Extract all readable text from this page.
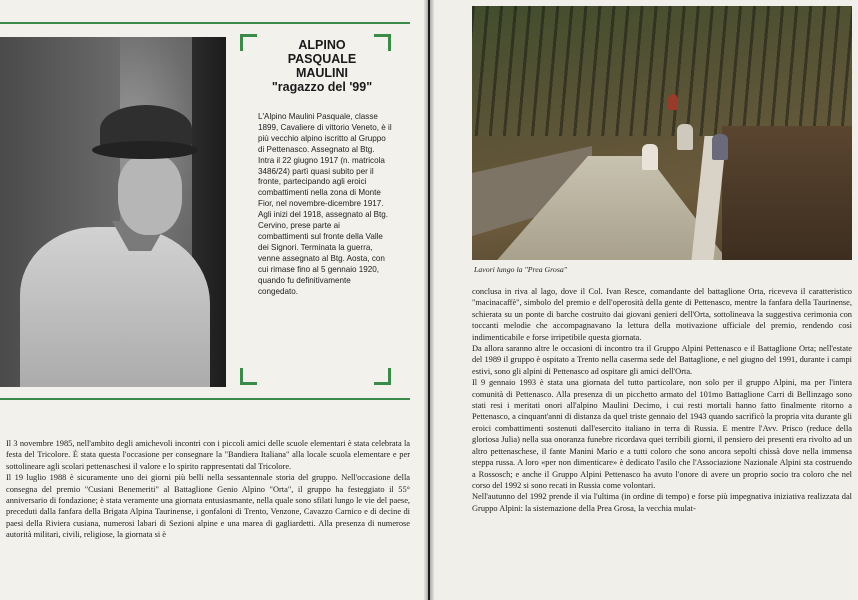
ALPINO
PASQUALE
MAULINI
"ragazzo del '99"

L'Alpino Maulini Pasquale, classe 1899, Cavaliere di vittorio Veneto, è il più vecchio alpino iscritto al Gruppo di Pettenasco. Assegnato al Btg. Intra il 22 giugno 1917 (n. matricola 3486/24) partì quasi subito per il fronte, partecipando agli eroici combattimenti nella zona di Monte Fior, nel novembre-dicembre 1917. Agli inizi del 1918, assegnato al Btg. Cervino, prese parte ai combattimenti sul fronte della Valle dei Signori. Terminata la guerra, venne assegnato al Btg. Aosta, con cui rimase fino al 5 gennaio 1920, quando fu definitivamente congedato.

Il 3 novembre 1985, nell'ambito degli amichevoli incontri con i piccoli amici delle scuole elementari è stata celebrata la festa del Tricolore. È stata questa l'occasione per consegnare la "Bandiera Italiana" alla locale scuola elementare e per sottolineare agli scolari pettenaschesi il valore e lo spirito rappresentati dal Tricolore.

Il 19 luglio 1988 è sicuramente uno dei giorni più belli nella sessantennale storia del gruppo. Nell'occasione della consegna del premio "Cusiani Benemeriti" al Battaglione Genio Alpino "Orta", il gruppo ha festeggiato il 55° anniversario di fondazione; è stata veramente una giornata entusiasmante, nella quale sono sfilati lungo le vie del paese, preceduti dalla fanfara della Brigata Alpina Taurinense, i gonfaloni di Trento, Venzone, Cavazzo Carnico e di decine di paesi della Riviera cusiana, numerosi labari di Sezioni alpine e una marea di gagliardetti. Alla presenza di numerose autorità militari, civili, religiose, la giornata si è

Lavori lungo la "Prea Grosa"

conclusa in riva al lago, dove il Col. Ivan Resce, comandante del battaglione Orta, riceveva il caratteristico "macinacaffè", simbolo del premio e dell'operosità della gente di Pettenasco, mentre la fanfara della Taurinense, schierata su un ponte di barche costruito dai giovani genieri dell'Orta, sottolineava la suggestiva cerimonia con toccanti melodie che accompagnavano la lettura della motivazione ufficiale del premio, rendendo così indimenticabile e forse irripetibile questa giornata.

Da allora saranno altre le occasioni di incontro tra il Gruppo Alpini Pettenasco e il Battaglione Orta; nell'estate del 1989 il gruppo è ospitato a Trento nella caserma sede del Battaglione, e nel giugno del 1991, durante i campi estivi, sono gli alpini di Pettenasco ad ospitare gli amici dell'Orta.

Il 9 gennaio 1993 è stata una giornata del tutto particolare, non solo per il gruppo Alpini, ma per l'intera comunità di Pettenasco. Alla presenza di un picchetto armato del 101mo Battaglione Carri di Bellinzago sono stati resi i meritati onori all'alpino Maulini Decimo, i cui resti mortali hanno fatto finalmente ritorno a Pettenasco, a cinquant'anni di distanza da quel triste gennaio del 1943 quando sacrificò la propria vita durante gli eroici combattimenti sostenuti dall'esercito italiano in terra di Russia. E mentre l'Avv. Prisco (reduce della gloriosa Julia) nella sua onoranza funebre ricordava quei terribili giorni, il pensiero dei presenti era rivolto ad un altro pettenaschese, il fante Manini Mario e a tutti coloro che sono ancora sepolti chissà dove nella immensa steppa russa. A loro «per non dimenticare» è dedicato l'asilo che l'Associazione Nazionale Alpini sta costruendo a Rossosch; e anche il Gruppo Alpini Pettenasco ha avuto l'onore di avere un proprio socio tra coloro che nel corso del 1992 si sono recati in Russia come volontari.

Nell'autunno del 1992 prende il via l'ultima (in ordine di tempo) e forse più impegnativa iniziativa realizzata dal Gruppo Alpini: la sistemazione della Prea Grosa, la vecchia mulat-
